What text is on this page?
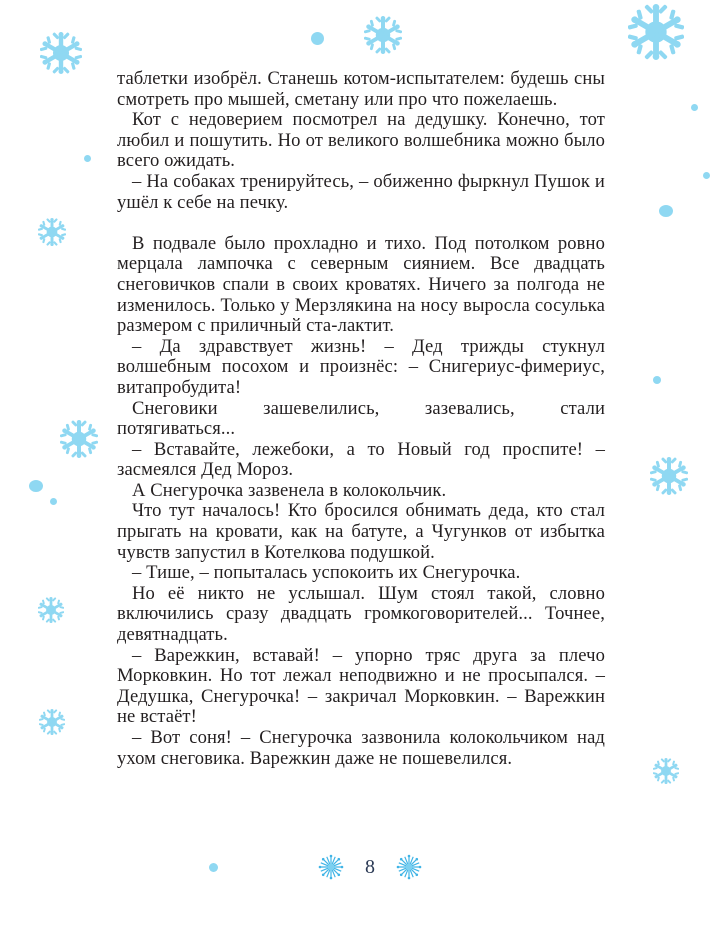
таблетки изобрёл. Станешь котом-испытателем: будешь сны смотреть про мышей, сметану или про что пожелаешь.

Кот с недоверием посмотрел на дедушку. Конечно, тот любил и пошутить. Но от великого волшебника можно было всего ожидать.

– На собаках тренируйтесь, – обиженно фыркнул Пушок и ушёл к себе на печку.

В подвале было прохладно и тихо. Под потолком ровно мерцала лампочка с северным сиянием. Все двадцать снеговичков спали в своих кроватях. Ничего за полгода не изменилось. Только у Мерзлякина на носу выросла сосулька размером с приличный ста-лактит.

– Да здравствует жизнь! – Дед трижды стукнул волшебным посохом и произнёс: – Снигериус-фимериус, витапробудита!

Снеговики зашевелились, зазевались, стали потягиваться...

– Вставайте, лежебоки, а то Новый год проспите! – засмеялся Дед Мороз.

А Снегурочка зазвенела в колокольчик.

Что тут началось! Кто бросился обнимать деда, кто стал прыгать на кровати, как на батуте, а Чугунков от избытка чувств запустил в Котелкова подушкой.

– Тише, – попыталась успокоить их Снегурочка.

Но её никто не услышал. Шум стоял такой, словно включились сразу двадцать громкоговорителей... Точнее, девятнадцать.

– Варежкин, вставай! – упорно тряс друга за плечо Морковкин. Но тот лежал неподвижно и не просыпался. – Дедушка, Снегурочка! – закричал Морковкин. – Варежкин не встаёт!

– Вот соня! – Снегурочка зазвонила колокольчиком над ухом снеговика. Варежкин даже не пошевелился.

8
